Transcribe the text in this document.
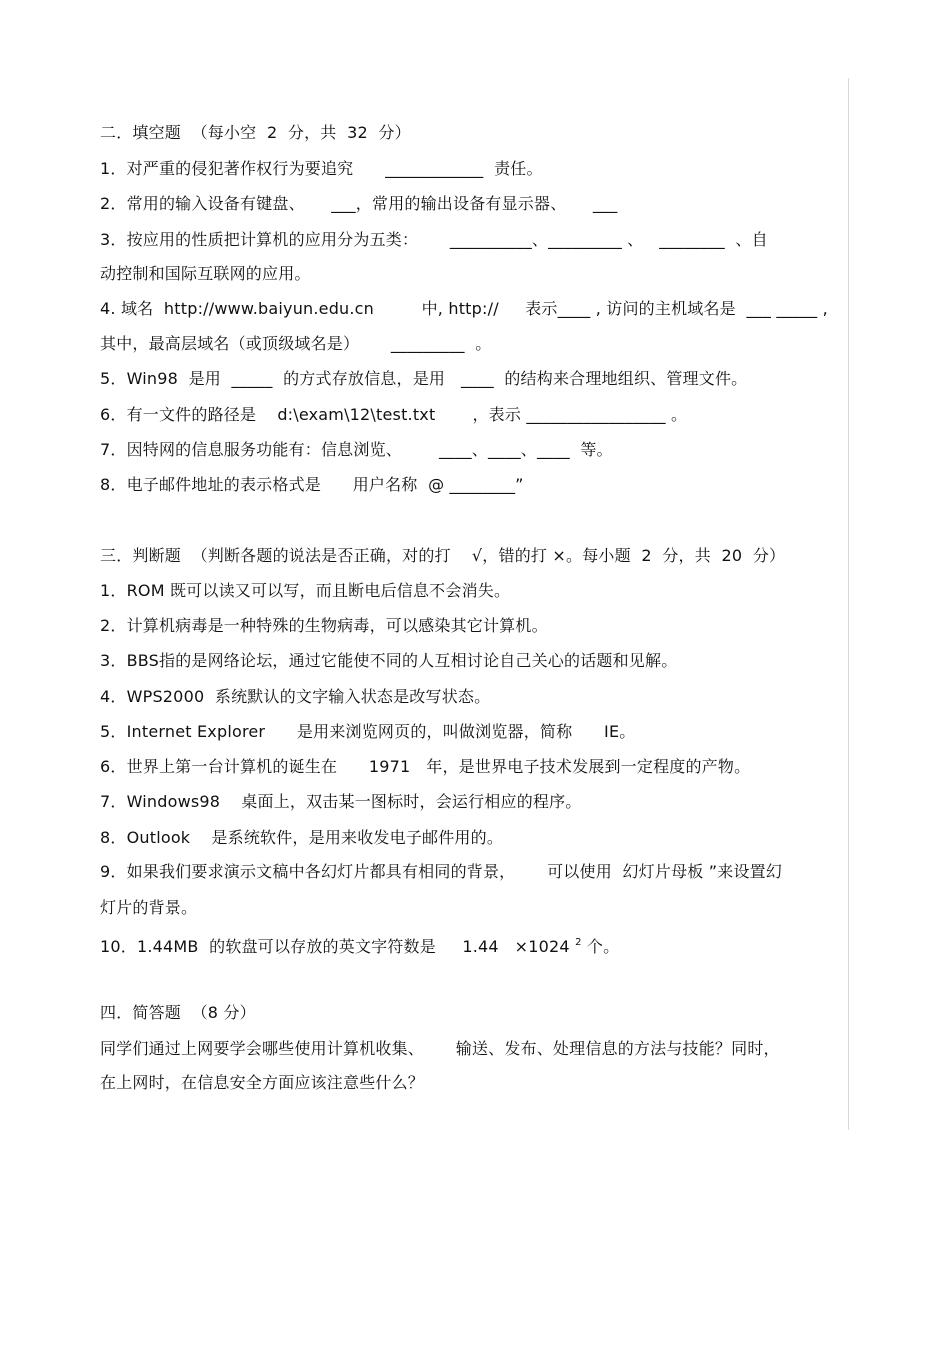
二．填空题  （每小空  2  分，共  32  分）
1．对严重的侵犯著作权行为要追究      ____________  责任。
2．常用的输入设备有键盘、     ___，常用的输出设备有显示器、     ___
3．按应用的性质把计算机的应用分为五类：      __________、_________ 、   ________  、自
动控制和国际互联网的应用。
4. 域名  http://www.baiyun.edu.cn         中, http://     表示____ , 访问的主机域名是  ___ _____ ,
其中，最高层域名（或顶级域名是）      _________  。
5．Win98  是用  _____  的方式存放信息，是用   ____  的结构来合理地组织、管理文件。
6．有一文件的路径是    d:\exam\12\test.txt       ，表示 _________________ 。
7．因特网的信息服务功能有：信息浏览、       ____、____、____  等。
8．电子邮件地址的表示格式是      用户名称  @ ________”
三．判断题  （判断各题的说法是否正确，对的打    √，错的打 ×。每小题  2  分，共  20  分）
1．ROM 既可以读又可以写，而且断电后信息不会消失。
2．计算机病毒是一种特殊的生物病毒，可以感染其它计算机。
3．BBS指的是网络论坛，通过它能使不同的人互相讨论自己关心的话题和见解。
4．WPS2000  系统默认的文字输入状态是改写状态。
5．Internet Explorer      是用来浏览网页的，叫做浏览器，简称      IE。
6．世界上第一台计算机的诞生在      1971   年，是世界电子技术发展到一定程度的产物。
7．Windows98    桌面上，双击某一图标时，会运行相应的程序。
8．Outlook    是系统软件，是用来收发电子邮件用的。
9．如果我们要求演示文稿中各幻灯片都具有相同的背景，      可以使用  幻灯片母板 ”来设置幻
灯片的背景。
10．1.44MB  的软盘可以存放的英文字符数是     1.44   ×1024 $^2$ 个。
四．简答题  （8 分）
同学们通过上网要学会哪些使用计算机收集、      输送、发布、处理信息的方法与技能？同时，
在上网时，在信息安全方面应该注意些什么？
